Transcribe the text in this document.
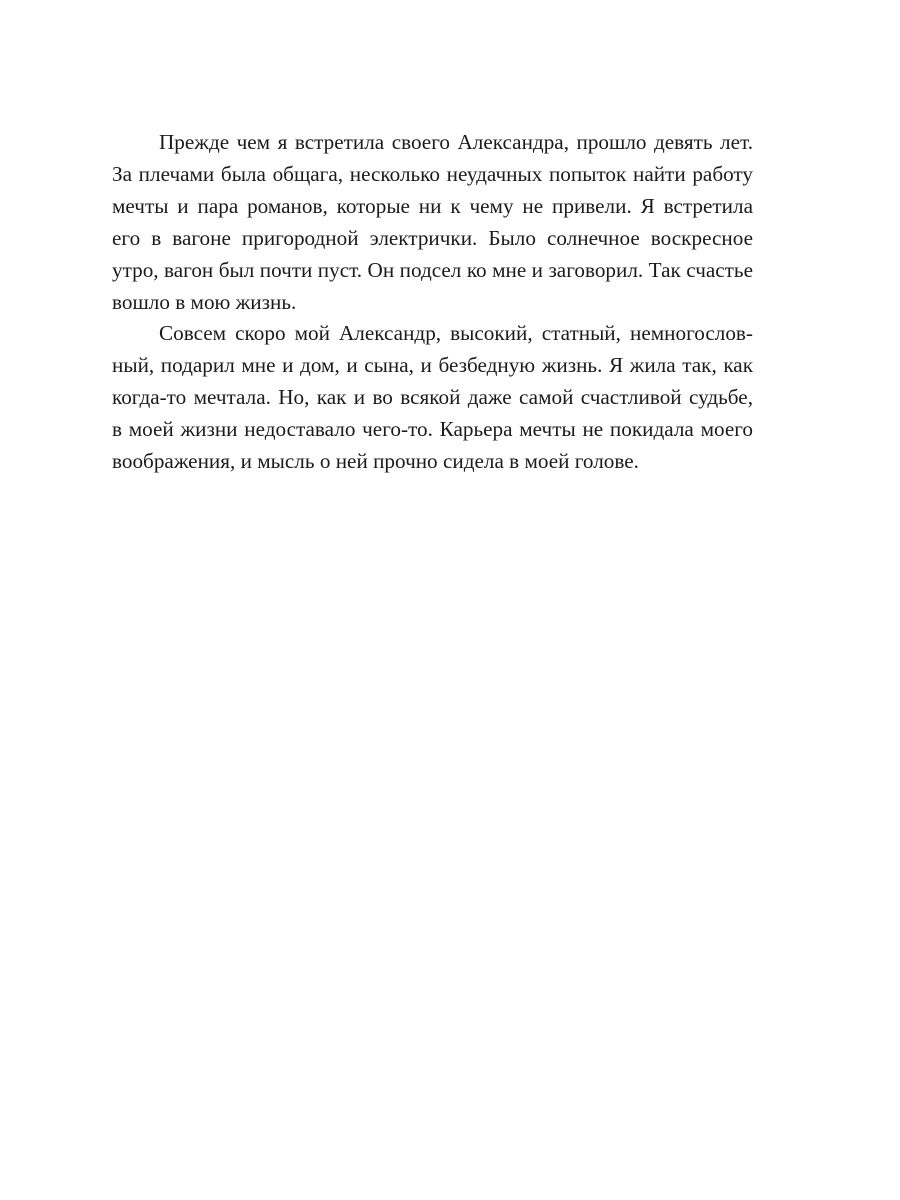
Прежде чем я встретила своего Александра, прошло девять лет.
За плечами была общага, несколько неудачных попыток найти работу
мечты и пара романов, которые ни к чему не привели. Я встретила
его в вагоне пригородной электрички. Было солнечное воскресное
утро, вагон был почти пуст. Он подсел ко мне и заговорил. Так счастье
вошло в мою жизнь.
Совсем скоро мой Александр, высокий, статный, немногослов-
ный, подарил мне и дом, и сына, и безбедную жизнь. Я жила так, как
когда-то мечтала. Но, как и во всякой даже самой счастливой судьбе,
в моей жизни недоставало чего-то. Карьера мечты не покидала моего
воображения, и мысль о ней прочно сидела в моей голове.
